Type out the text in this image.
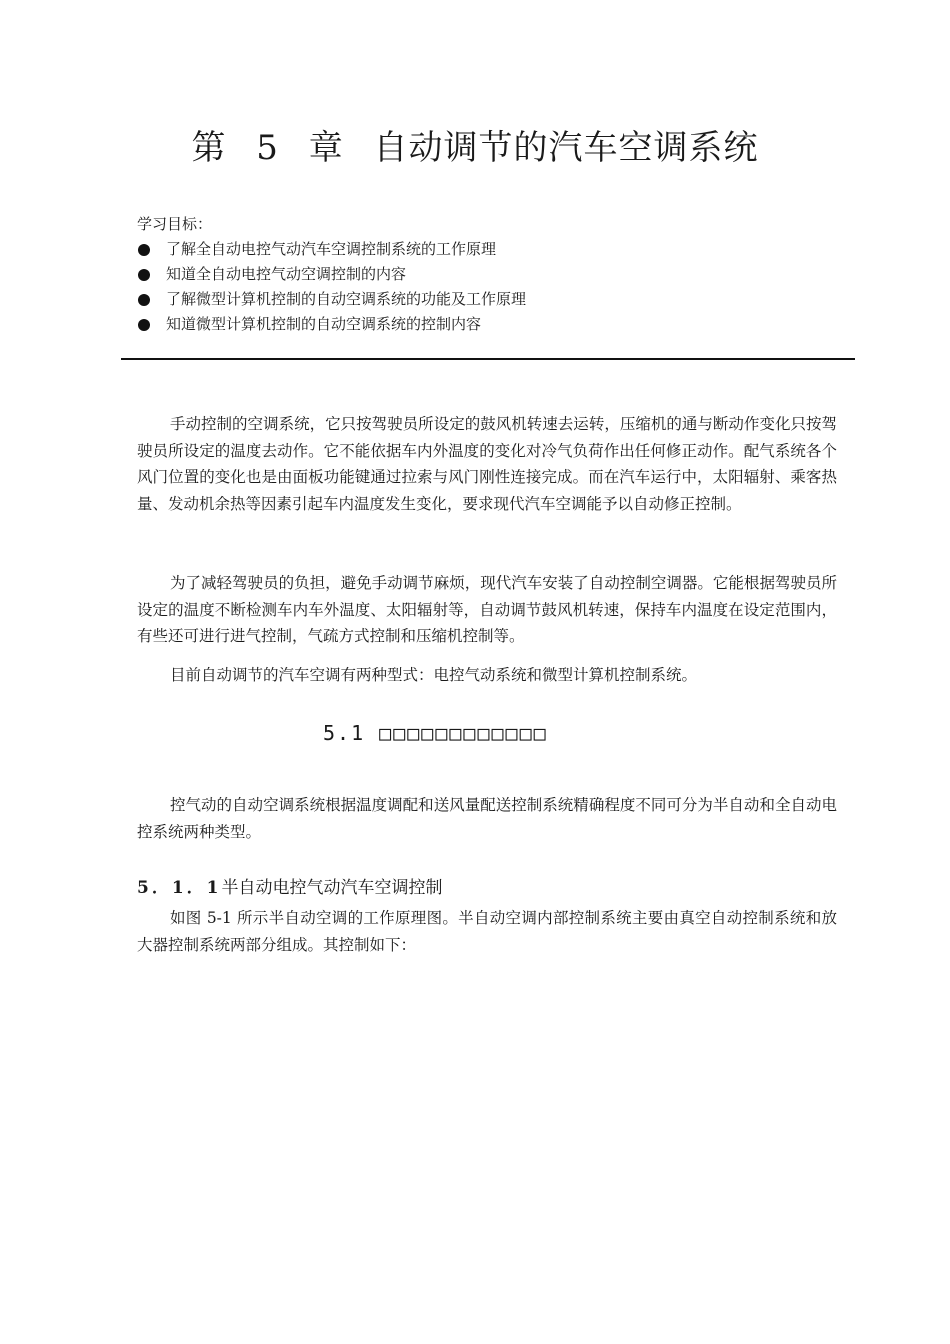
第 5 章 自动调节的汽车空调系统
学习目标：
了解全自动电控气动汽车空调控制系统的工作原理
知道全自动电控气动空调控制的内容
了解微型计算机控制的自动空调系统的功能及工作原理
知道微型计算机控制的自动空调系统的控制内容

手动控制的空调系统，它只按驾驶员所设定的鼓风机转速去运转，压缩机的通与断动作变化只按驾驶员所设定的温度去动作。它不能依据车内外温度的变化对冷气负荷作出任何修正动作。配气系统各个风门位置的变化也是由面板功能键通过拉索与风门刚性连接完成。而在汽车运行中，太阳辐射、乘客热量、发动机余热等因素引起车内温度发生变化，要求现代汽车空调能予以自动修正控制。

为了减轻驾驶员的负担，避免手动调节麻烦，现代汽车安装了自动控制空调器。它能根据驾驶员所设定的温度不断检测车内车外温度、太阳辐射等，自动调节鼓风机转速，保持车内温度在设定范围内，有些还可进行进气控制，气疏方式控制和压缩机控制等。

目前自动调节的汽车空调有两种型式：电控气动系统和微型计算机控制系统。

5.1 □□□□□□□□□□□□

控气动的自动空调系统根据温度调配和送风量配送控制系统精确程度不同可分为半自动和全自动电控系统两种类型。

5．1．1半自动电控气动汽车空调控制

如图 5-1 所示半自动空调的工作原理图。半自动空调内部控制系统主要由真空自动控制系统和放大器控制系统两部分组成。其控制如下：
